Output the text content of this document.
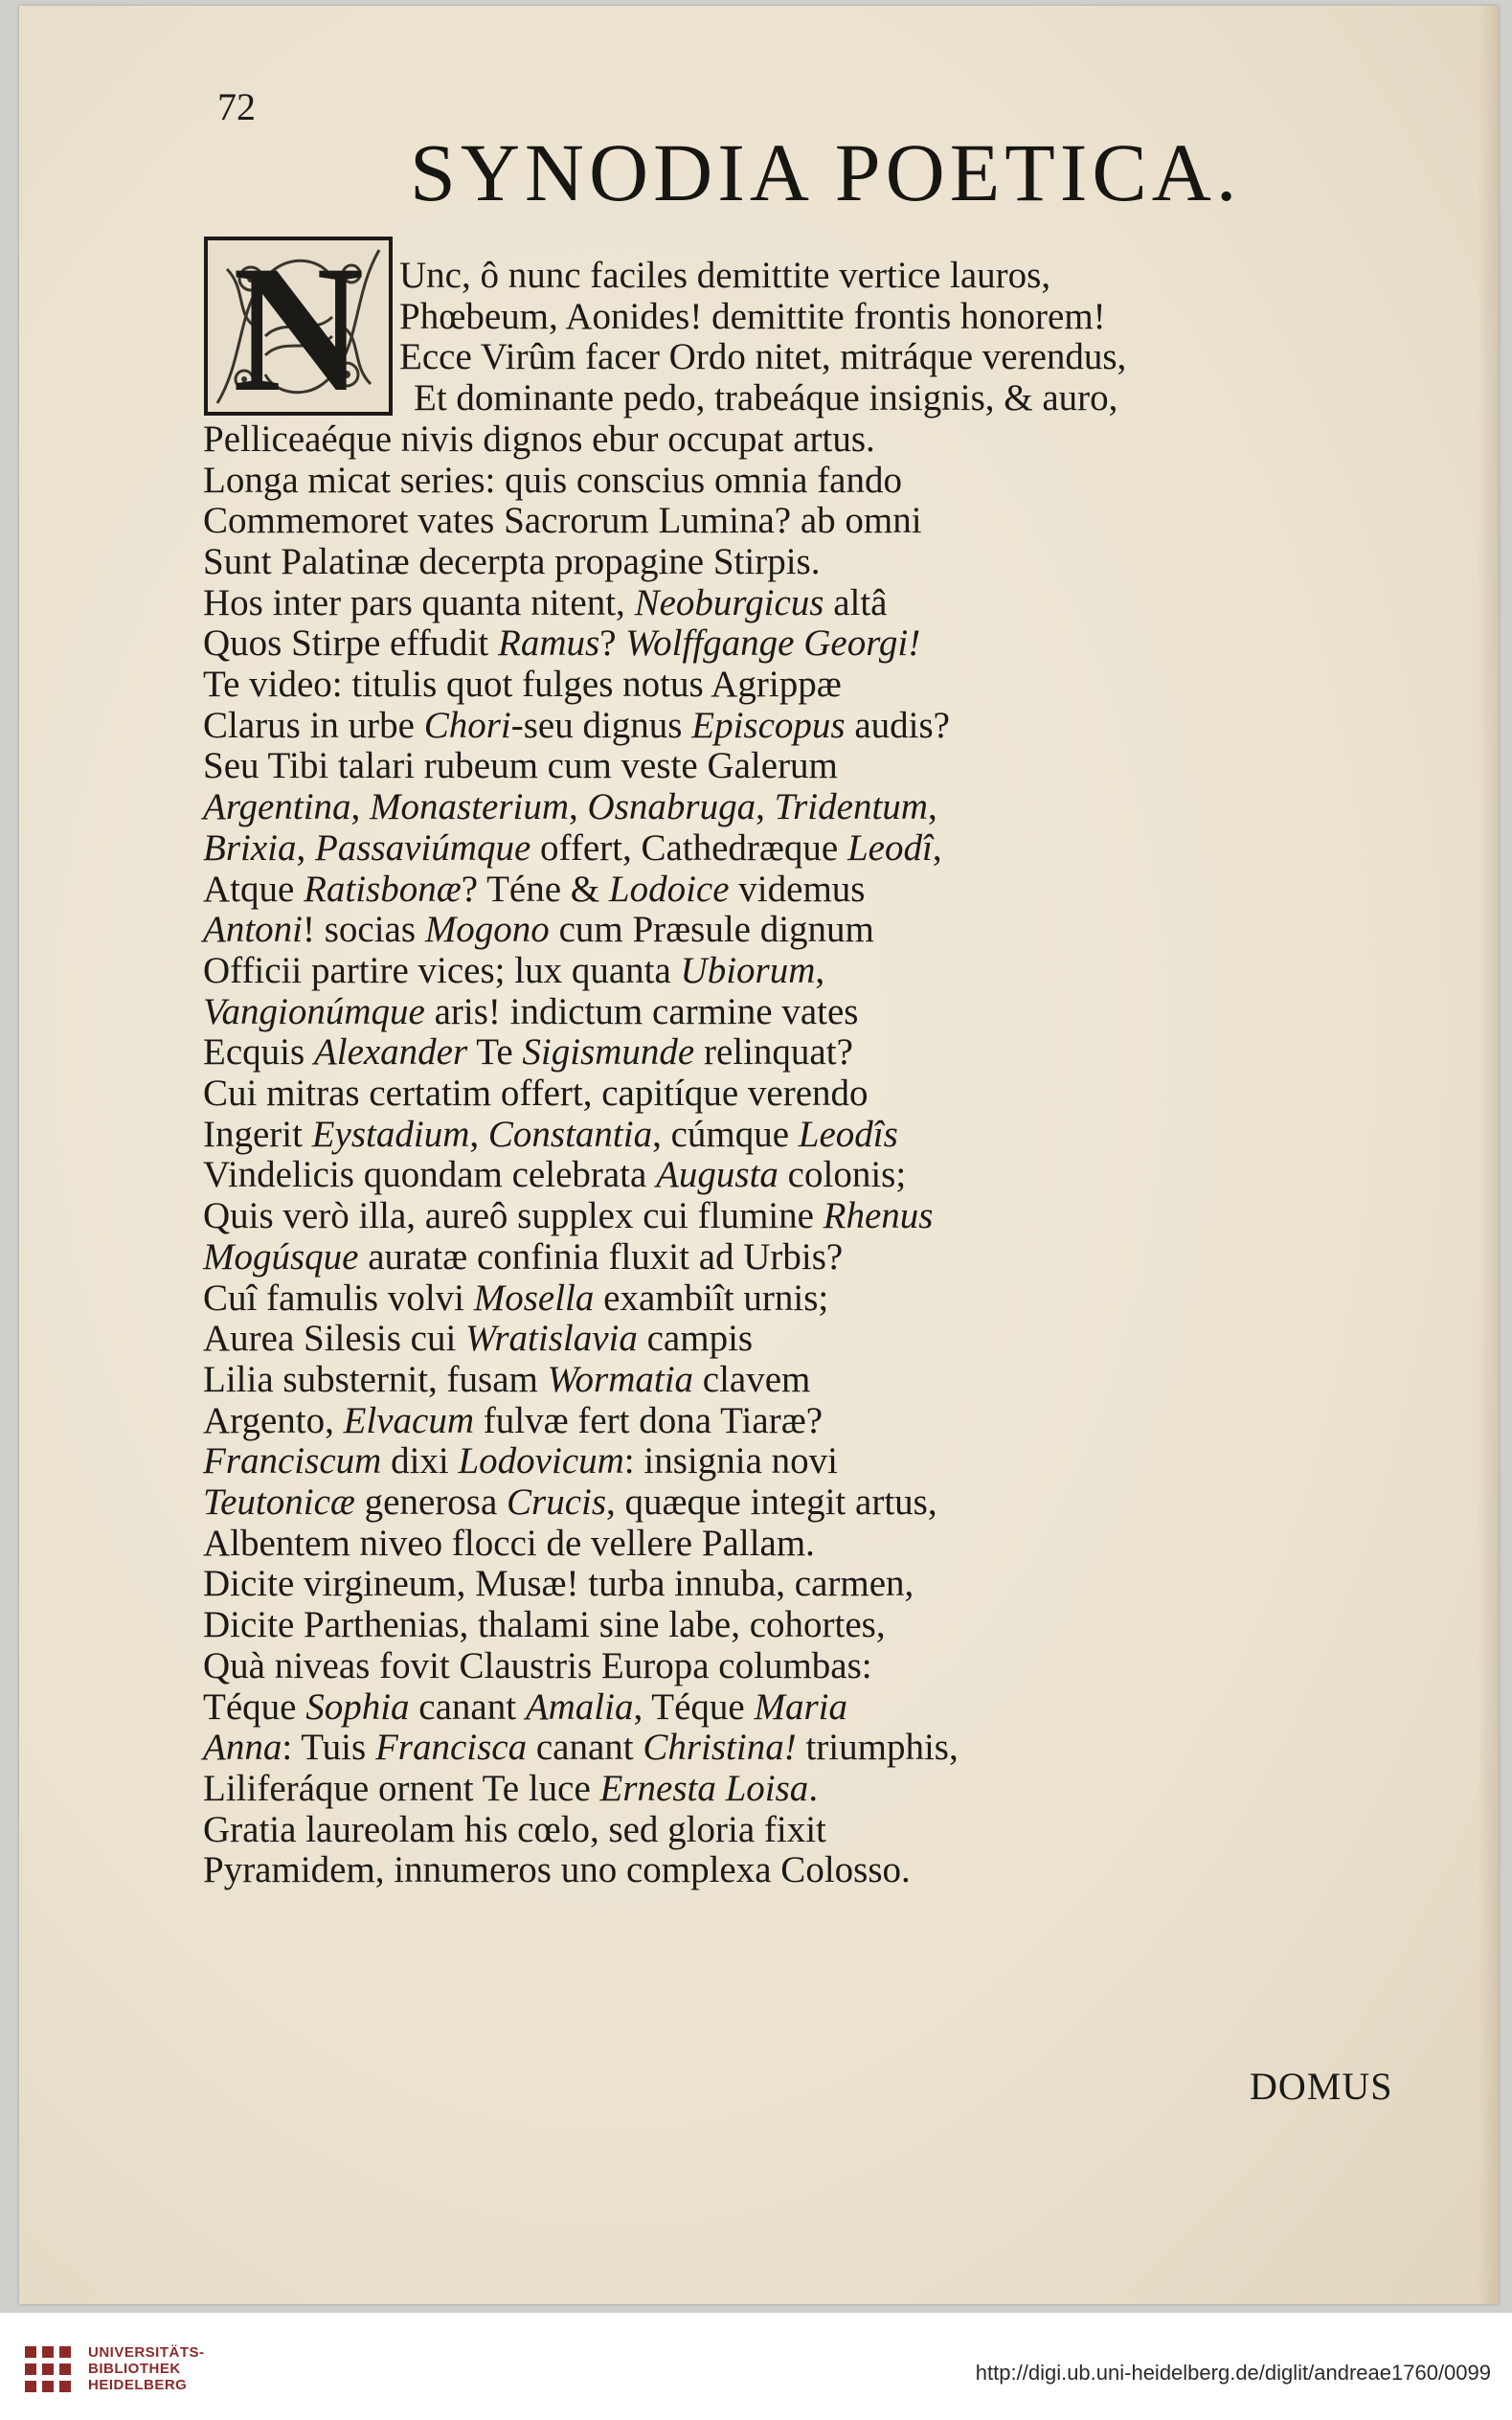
72
SYNODIA POETICA.
N Unc, ô nunc faciles demittite vertice lauros,
Phœbeum, Aonides! demittite frontis honorem!
Ecce Virûm facer Ordo nitet, mitráque verendus,
Et dominante pedo, trabeáque insignis, & auro,
Pelliceaéque nivis dignos ebur occupat artus.
Longa micat series: quis conscius omnia fando
Commemoret vates Sacrorum Lumina? ab omni
Sunt Palatinæ decerpta propagine Stirpis.
Hos inter pars quanta nitent, Neoburgicus altâ
Quos Stirpe effudit Ramus? Wolffgange Georgi!
Te video: titulis quot fulges notus Agrippæ
Clarus in urbe Chori-seu dignus Episcopus audis?
Seu Tibi talari rubeum cum veste Galerum
Argentina, Monasterium, Osnabruga, Tridentum,
Brixia, Passaviúmque offert, Cathedræque Leodî,
Atque Ratisbonæ? Téne & Lodoice videmus
Antoni! socias Mogono cum Præsule dignum
Officii partire vices; lux quanta Ubiorum,
Vangionúmque aris! indictum carmine vates
Ecquis Alexander Te Sigismunde relinquat?
Cui mitras certatim offert, capitíque verendo
Ingerit Eystadium, Constantia, cúmque Leodîs
Vindelicis quondam celebrata Augusta colonis;
Quis verò illa, aureô supplex cui flumine Rhenus
Mogúsque auratæ confinia fluxit ad Urbis?
Cuî famulis volvi Mosella exambiît urnis;
Aurea Silesis cui Wratislavia campis
Lilia substernit, fusam Wormatia clavem
Argento, Elvacum fulvæ fert dona Tiaræ?
Franciscum dixi Lodovicum: insignia novi
Teutonicæ generosa Crucis, quæque integit artus,
Albentem niveo flocci de vellere Pallam.
Dicite virgineum, Musæ! turba innuba, carmen,
Dicite Parthenias, thalami sine labe, cohortes,
Quà niveas fovit Claustris Europa columbas:
Téque Sophia canant Amalia, Téque Maria
Anna: Tuis Francisca canant Christina! triumphis,
Liliferáque ornent Te luce Ernesta Loisa.
Gratia laureolam his cœlo, sed gloria fixit
Pyramidem, innumeros uno complexa Colosso.
DOMUS
UNIVERSITÄTS-
BIBLIOTHEK
HEIDELBERG
http://digi.ub.uni-heidelberg.de/diglit/andreae1760/0099
